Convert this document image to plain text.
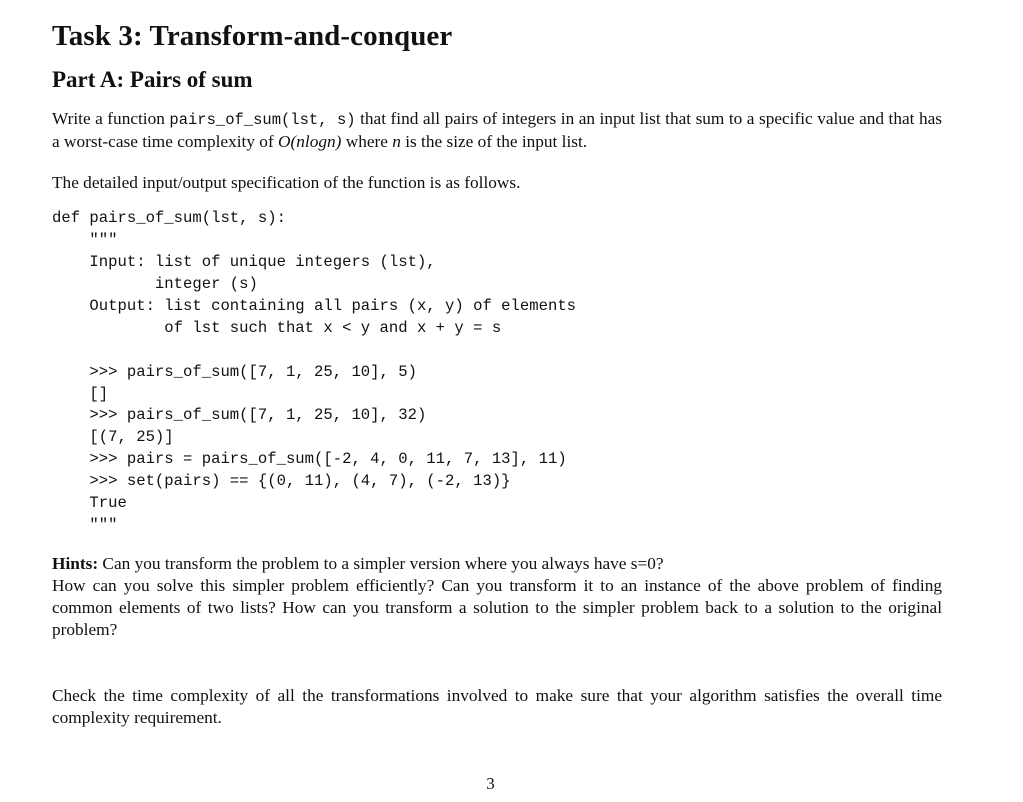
Task 3: Transform-and-conquer
Part A: Pairs of sum

Write a function pairs_of_sum(lst, s) that find all pairs of integers in an input list that sum to a specific value and that has a worst-case time complexity of O(nlogn) where n is the size of the input list.

The detailed input/output specification of the function is as follows.

def pairs_of_sum(lst, s):
"""
Input: list of unique integers (lst),
integer (s)
Output: list containing all pairs (x, y) of elements
of lst such that x < y and x + y = s

>>> pairs_of_sum([7, 1, 25, 10], 5)
[]
>>> pairs_of_sum([7, 1, 25, 10], 32)
[(7, 25)]
>>> pairs = pairs_of_sum([-2, 4, 0, 11, 7, 13], 11)
>>> set(pairs) == {(0, 11), (4, 7), (-2, 13)}
True
"""

Hints: Can you transform the problem to a simpler version where you always have s=0?
How can you solve this simpler problem efficiently? Can you transform it to an instance of the above problem of finding common elements of two lists? How can you transform a solution to the simpler problem back to a solution to the original problem?

Check the time complexity of all the transformations involved to make sure that your algorithm satisfies the overall time complexity requirement.

3
